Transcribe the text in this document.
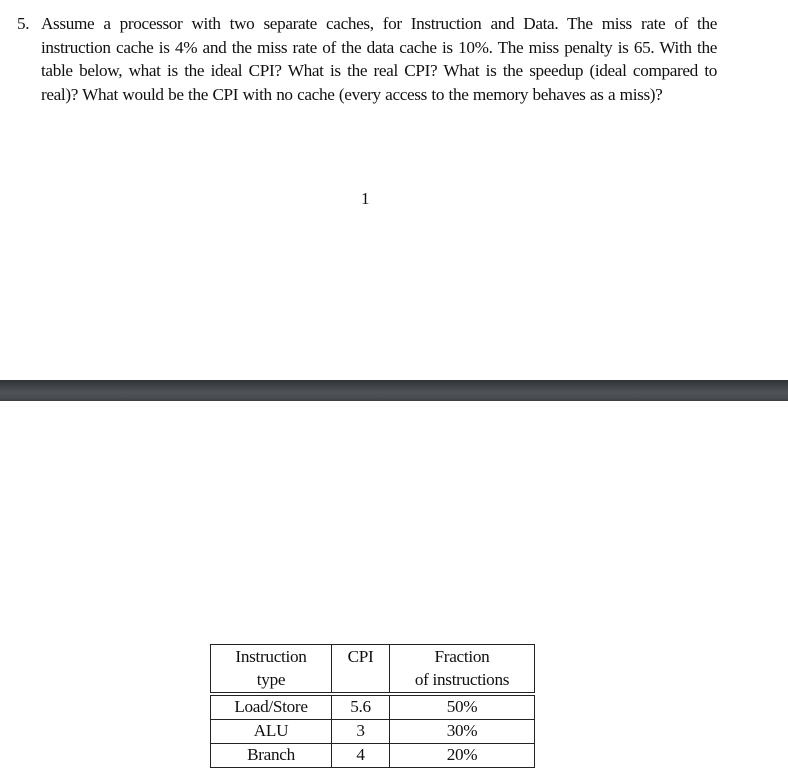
5. Assume a processor with two separate caches, for Instruction and Data. The miss rate of the instruction cache is 4% and the miss rate of the data cache is 10%. The miss penalty is 65. With the table below, what is the ideal CPI? What is the real CPI? What is the speedup (ideal compared to real)? What would be the CPI with no cache (every access to the memory behaves as a miss)?
1
Instruction
type	CPI	Fraction
of instructions

Load/Store	5.6	50%
ALU	3	30%
Branch	4	20%
